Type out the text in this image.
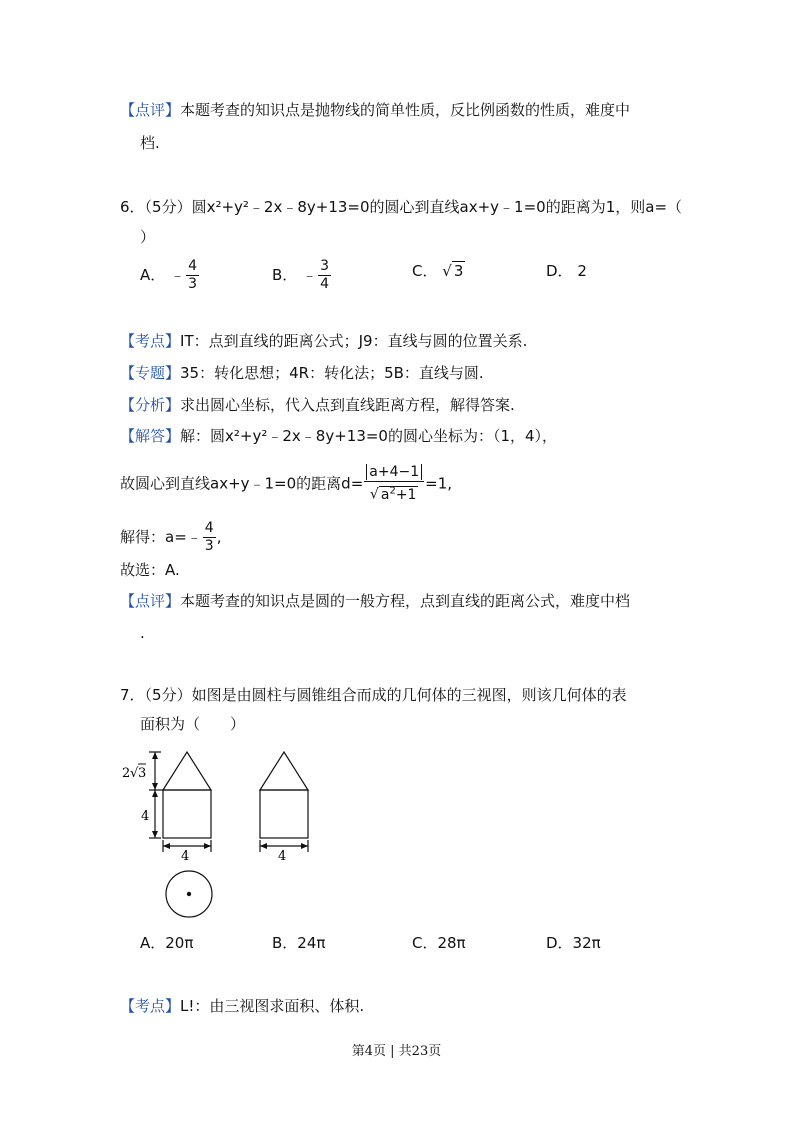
【点评】本题考查的知识点是抛物线的简单性质，反比例函数的性质，难度中
档.
6．（5分）圆x²+y²﹣2x﹣8y+13=0的圆心到直线ax+y﹣1=0的距离为1，则a=（
）
A． ﹣ $\frac{4}{3}$	B． ﹣ $\frac{3}{4}$	C． √ 3	D． 2
【考点】IT：点到直线的距离公式；J9：直线与圆的位置关系.
【专题】35：转化思想；4R：转化法；5B：直线与圆.
【分析】求出圆心坐标，代入点到直线距离方程，解得答案.
【解答】解：圆x²+y²﹣2x﹣8y+13=0的圆心坐标为：（1，4），
故圆心到直线ax+y﹣1=0的距离$d= \frac{a+4-1}{√ a^2+1} =1$,
解得：a=﹣ $\frac{4}{3}$ ,
故选：A.
【点评】本题考查的知识点是圆的一般方程，点到直线的距离公式，难度中档
.
7．（5分）如图是由圆柱与圆锥组合而成的几何体的三视图，则该几何体的表
面积为（　　）
2 √ 3
4
4	4
A．20π	B．24π	C．28π	D．32π
【考点】L!：由三视图求面积、体积.
第4页 | 共23页
